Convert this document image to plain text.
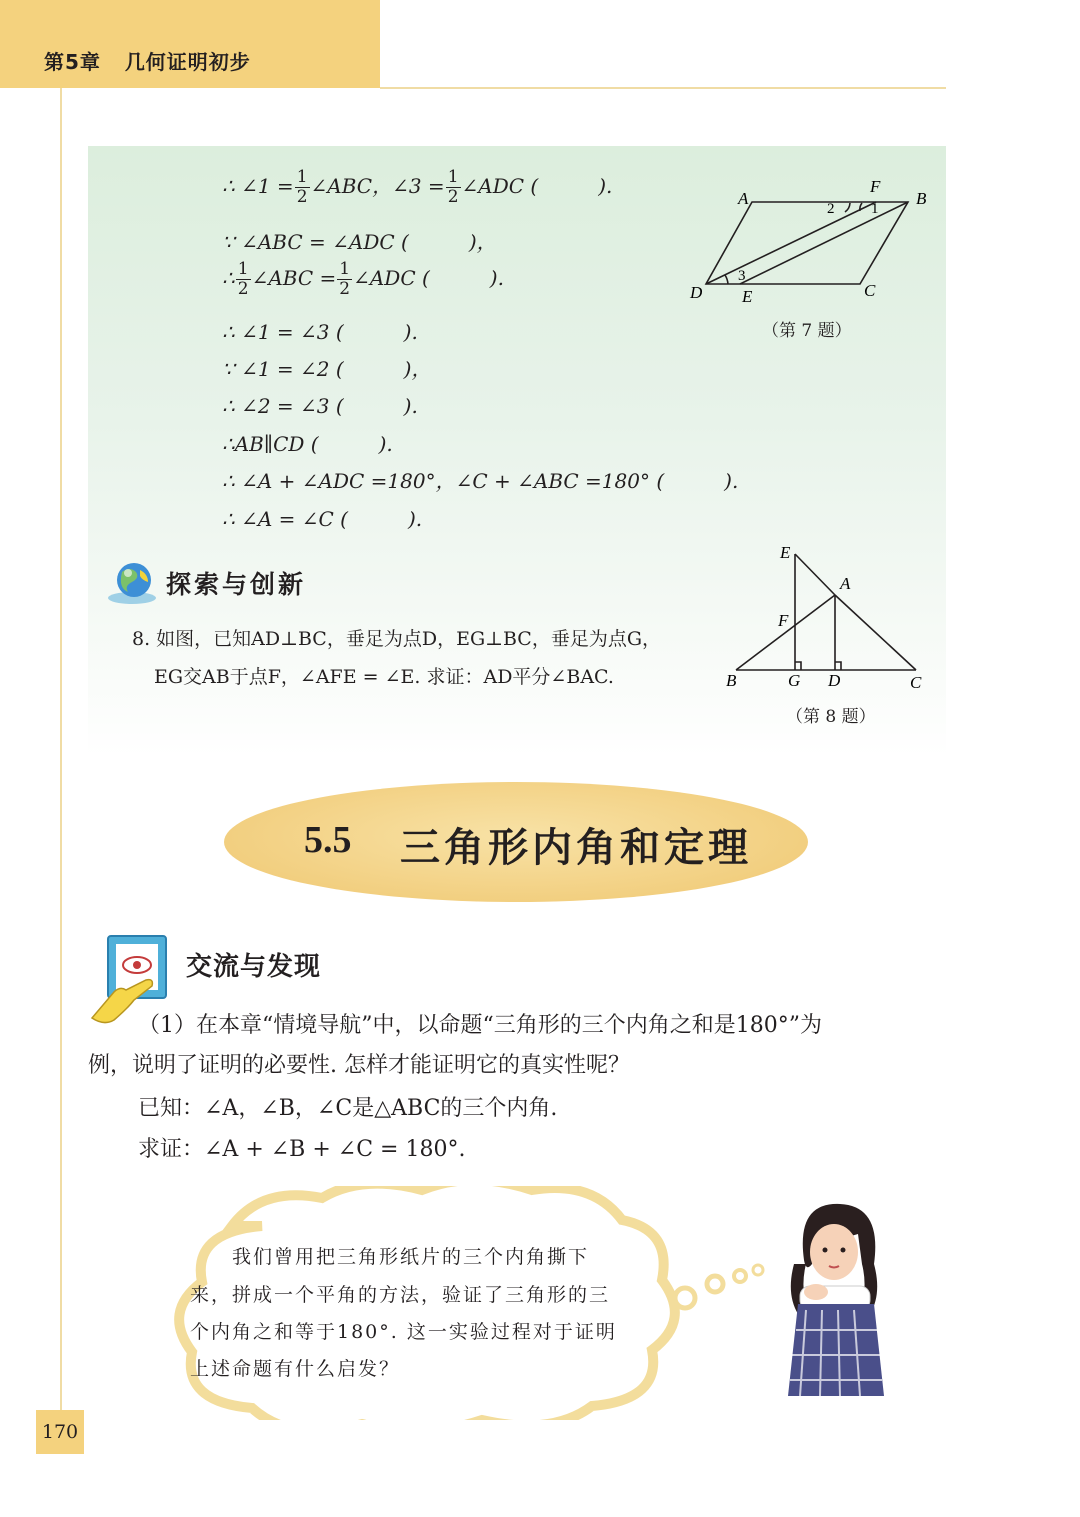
第5章 几何证明初步
∴ ∠1 = $\frac{1}{2}$ ∠ABC，∠3 = $\frac{1}{2}$ ∠ADC (　　　).
∵ ∠ABC = ∠ADC (　　　)，
∴ $\frac{1}{2}$ ∠ABC = $\frac{1}{2}$ ∠ADC (　　　).
∴ ∠1 = ∠3 (　　　).
∵ ∠1 = ∠2 (　　　)，
∴ ∠2 = ∠3 (　　　).
∴AB∥CD (　　　).
∴ ∠A + ∠ADC =180°，∠C + ∠ABC =180° (　　　).
∴ ∠A = ∠C (　　　).
A
F
B
D E	C
1
2
3
（第 7 题）
探索与创新
8. 如图，已知AD⊥BC，垂足为点D，EG⊥BC，垂足为点G，
EG交AB于点F，∠AFE = ∠E. 求证：AD平分∠BAC.
E
A
F
B	G D	C
（第 8 题）
5.5 三角形内角和定理
交流与发现
（1）在本章“情境导航”中，以命题“三角形的三个内角之和是180°”为
例，说明了证明的必要性. 怎样才能证明它的真实性呢？
已知：∠A，∠B，∠C是△ABC的三个内角.
求证：∠A + ∠B + ∠C = 180°.
　　我们曾用把三角形纸片的三个内角撕下
来，拼成一个平角的方法，验证了三角形的三
个内角之和等于180°. 这一实验过程对于证明
上述命题有什么启发？
170
